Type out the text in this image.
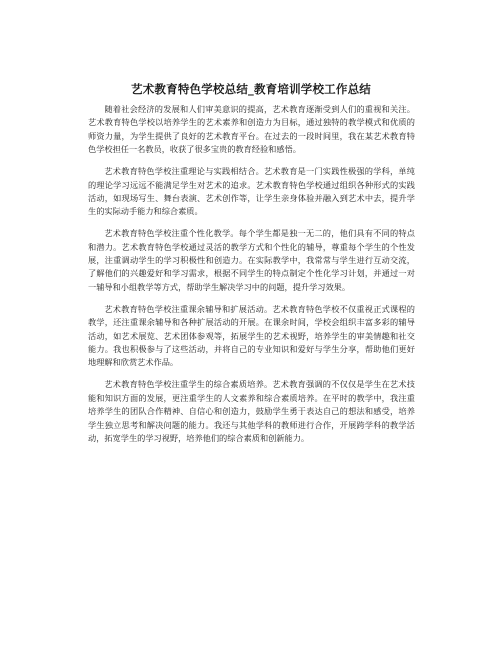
艺术教育特色学校总结_教育培训学校工作总结

随着社会经济的发展和人们审美意识的提高，艺术教育逐渐受到人们的重视和关注。艺术教育特色学校以培养学生的艺术素养和创造力为目标，通过独特的教学模式和优质的师资力量，为学生提供了良好的艺术教育平台。在过去的一段时间里，我在某艺术教育特色学校担任一名教员，收获了很多宝贵的教育经验和感悟。

艺术教育特色学校注重理论与实践相结合。艺术教育是一门实践性极强的学科，单纯的理论学习远远不能满足学生对艺术的追求。艺术教育特色学校通过组织各种形式的实践活动，如现场写生、舞台表演、艺术创作等，让学生亲身体验并融入到艺术中去，提升学生的实际动手能力和综合素质。

艺术教育特色学校注重个性化教学。每个学生都是独一无二的，他们具有不同的特点和潜力。艺术教育特色学校通过灵活的教学方式和个性化的辅导，尊重每个学生的个性发展，注重调动学生的学习积极性和创造力。在实际教学中，我常常与学生进行互动交流，了解他们的兴趣爱好和学习需求，根据不同学生的特点制定个性化学习计划，并通过一对一辅导和小组教学等方式，帮助学生解决学习中的问题，提升学习效果。

艺术教育特色学校注重课余辅导和扩展活动。艺术教育特色学校不仅重视正式课程的教学，还注重课余辅导和各种扩展活动的开展。在课余时间，学校会组织丰富多彩的辅导活动，如艺术展览、艺术团体参观等，拓展学生的艺术视野，培养学生的审美情趣和社交能力。我也积极参与了这些活动，并将自己的专业知识和爱好与学生分享，帮助他们更好地理解和欣赏艺术作品。

艺术教育特色学校注重学生的综合素质培养。艺术教育强调的不仅仅是学生在艺术技能和知识方面的发展，更注重学生的人文素养和综合素质培养。在平时的教学中，我注重培养学生的团队合作精神、自信心和创造力，鼓励学生勇于表达自己的想法和感受，培养学生独立思考和解决问题的能力。我还与其他学科的教师进行合作，开展跨学科的教学活动，拓宽学生的学习视野，培养他们的综合素质和创新能力。
